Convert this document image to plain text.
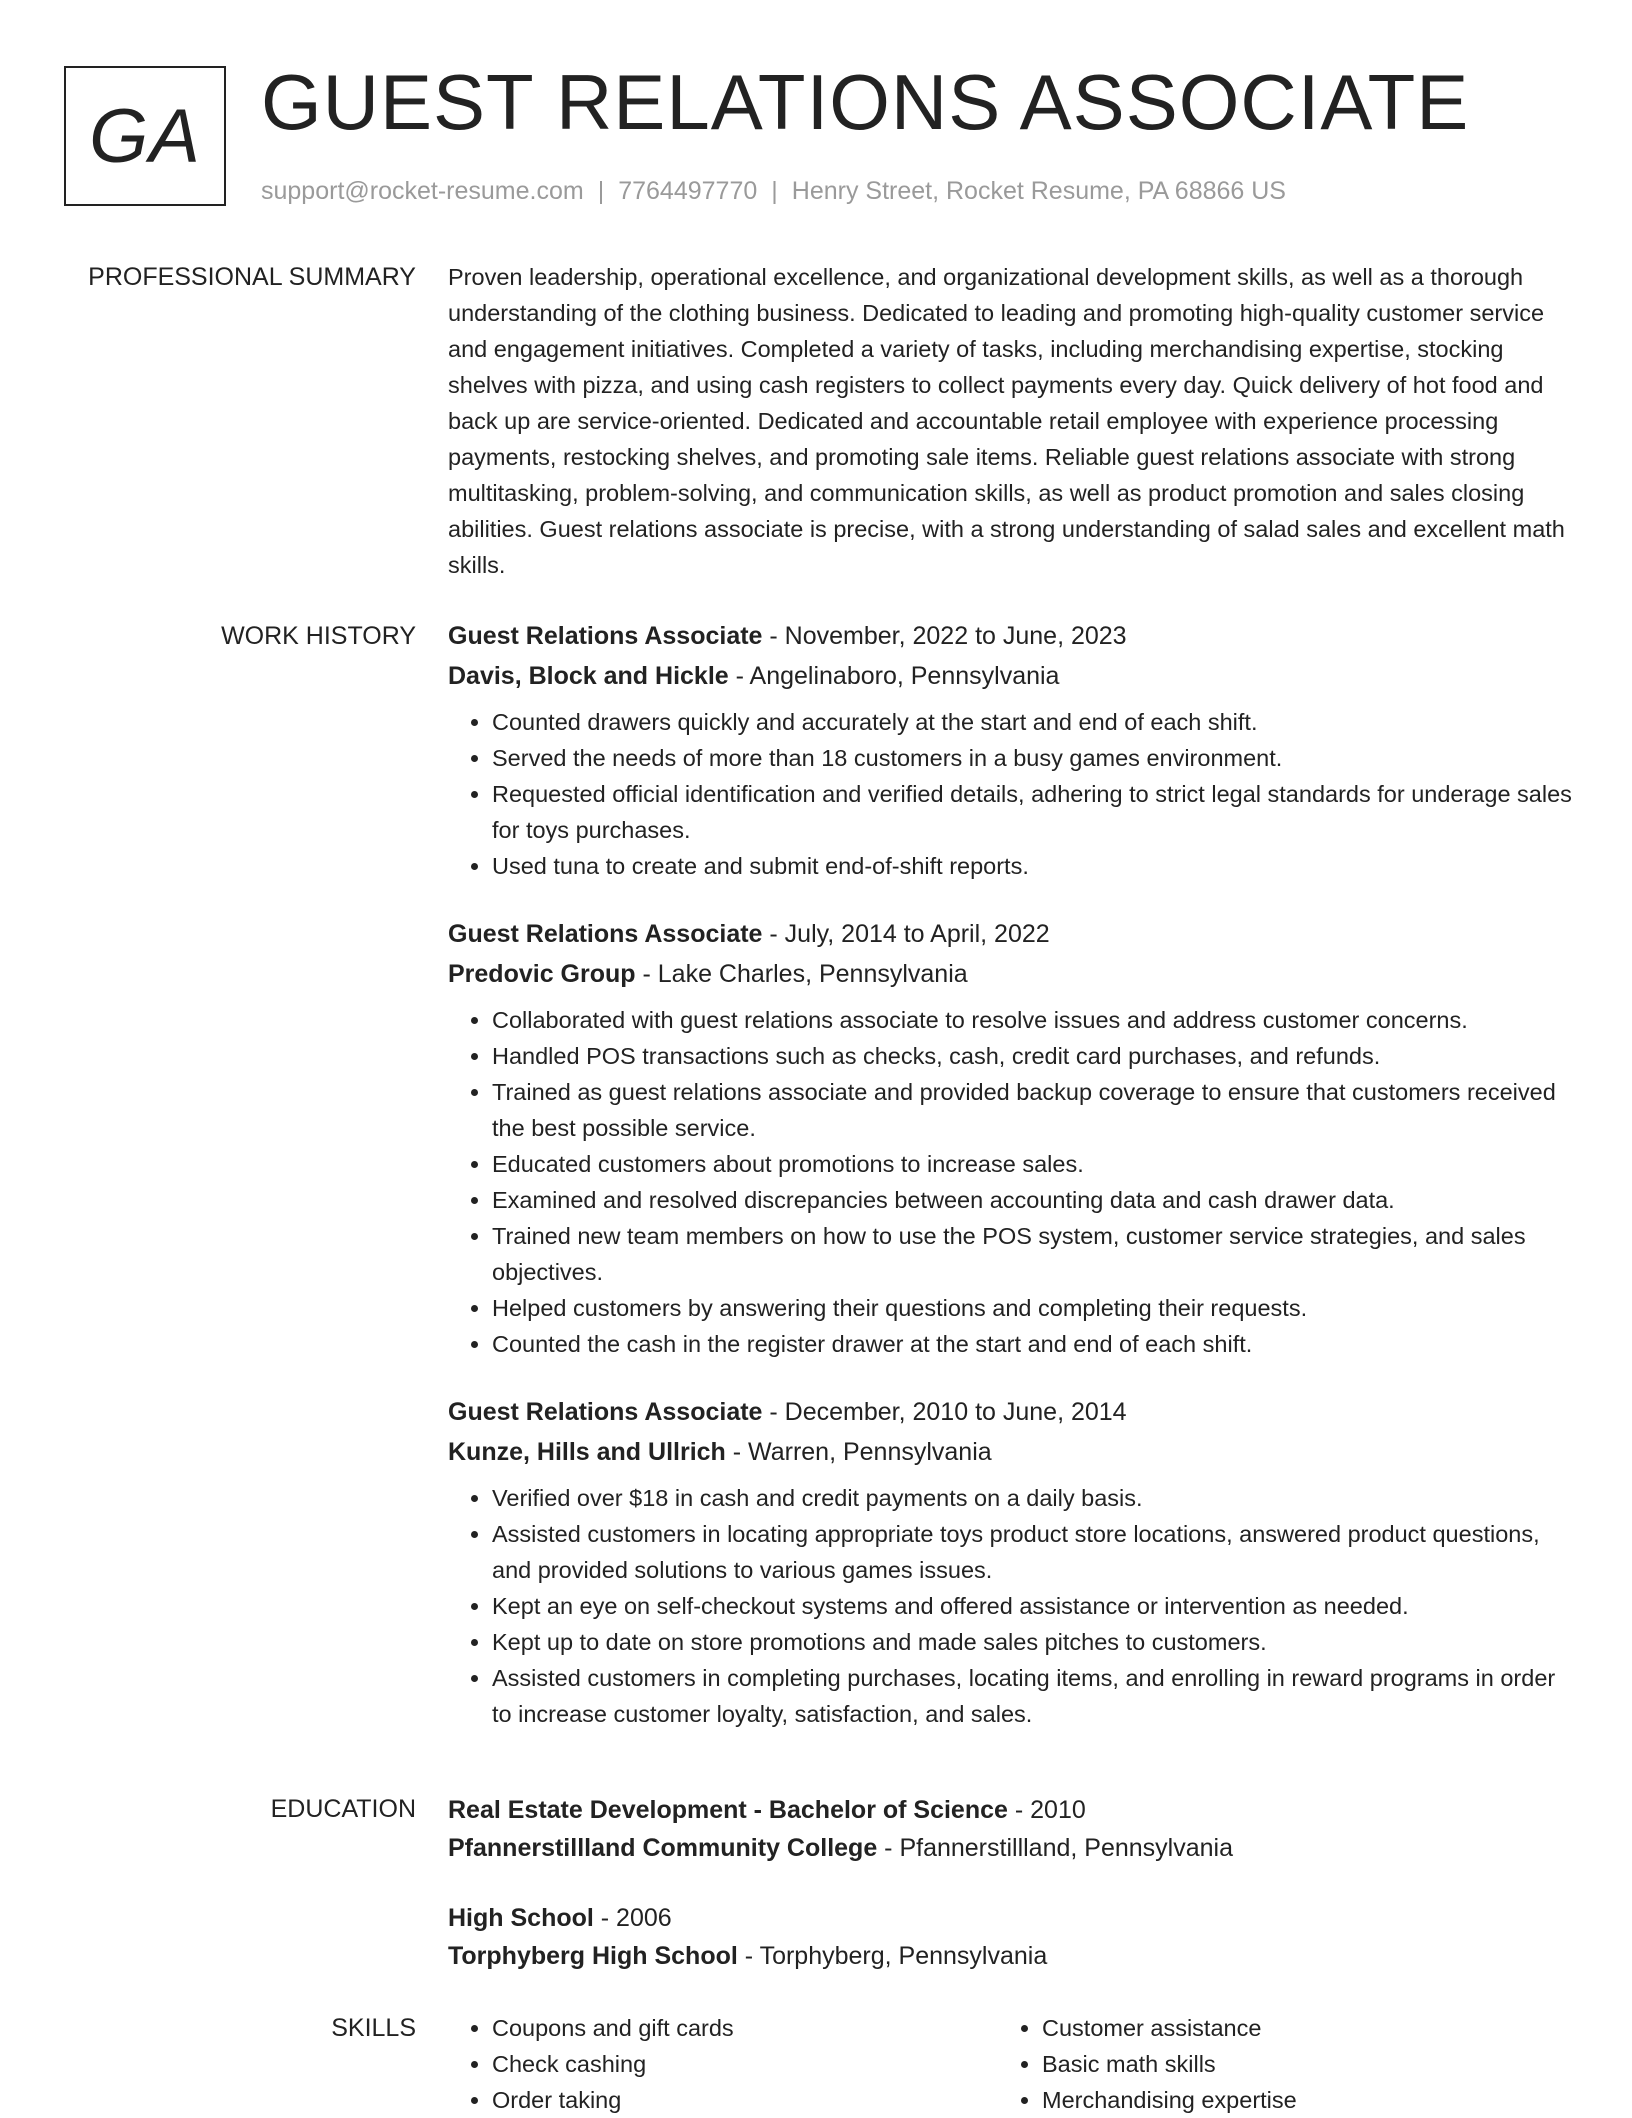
GA GUEST RELATIONS ASSOCIATE
support@rocket-resume.com | 7764497770 | Henry Street, Rocket Resume, PA 68866 US
PROFESSIONAL SUMMARY Proven leadership, operational excellence, and organizational development skills, as well as a thorough understanding of the clothing business. Dedicated to leading and promoting high-quality customer service and engagement initiatives. Completed a variety of tasks, including merchandising expertise, stocking shelves with pizza, and using cash registers to collect payments every day. Quick delivery of hot food and back up are service-oriented. Dedicated and accountable retail employee with experience processing payments, restocking shelves, and promoting sale items. Reliable guest relations associate with strong multitasking, problem-solving, and communication skills, as well as product promotion and sales closing abilities. Guest relations associate is precise, with a strong understanding of salad sales and excellent math skills.

WORK HISTORY Guest Relations Associate - November, 2022 to June, 2023
Davis, Block and Hickle - Angelinaboro, Pennsylvania
• Counted drawers quickly and accurately at the start and end of each shift.
• Served the needs of more than 18 customers in a busy games environment.
• Requested official identification and verified details, adhering to strict legal standards for underage sales for toys purchases.
• Used tuna to create and submit end-of-shift reports.
Guest Relations Associate - July, 2014 to April, 2022
Predovic Group - Lake Charles, Pennsylvania
• Collaborated with guest relations associate to resolve issues and address customer concerns.
• Handled POS transactions such as checks, cash, credit card purchases, and refunds.
• Trained as guest relations associate and provided backup coverage to ensure that customers received the best possible service.
• Educated customers about promotions to increase sales.
• Examined and resolved discrepancies between accounting data and cash drawer data.
• Trained new team members on how to use the POS system, customer service strategies, and sales objectives.
• Helped customers by answering their questions and completing their requests.
• Counted the cash in the register drawer at the start and end of each shift.
Guest Relations Associate - December, 2010 to June, 2014
Kunze, Hills and Ullrich - Warren, Pennsylvania
• Verified over $18 in cash and credit payments on a daily basis.
• Assisted customers in locating appropriate toys product store locations, answered product questions, and provided solutions to various games issues.
• Kept an eye on self-checkout systems and offered assistance or intervention as needed.
• Kept up to date on store promotions and made sales pitches to customers.
• Assisted customers in completing purchases, locating items, and enrolling in reward programs in order to increase customer loyalty, satisfaction, and sales.
EDUCATION Real Estate Development - Bachelor of Science - 2010
Pfannerstillland Community College - Pfannerstillland, Pennsylvania
High School - 2006
Torphyberg High School - Torphyberg, Pennsylvania
SKILLS
•	Coupons and gift cards
• Check cashing
• Order taking
• Customer assistance
• Basic math skills
• Merchandising expertise
